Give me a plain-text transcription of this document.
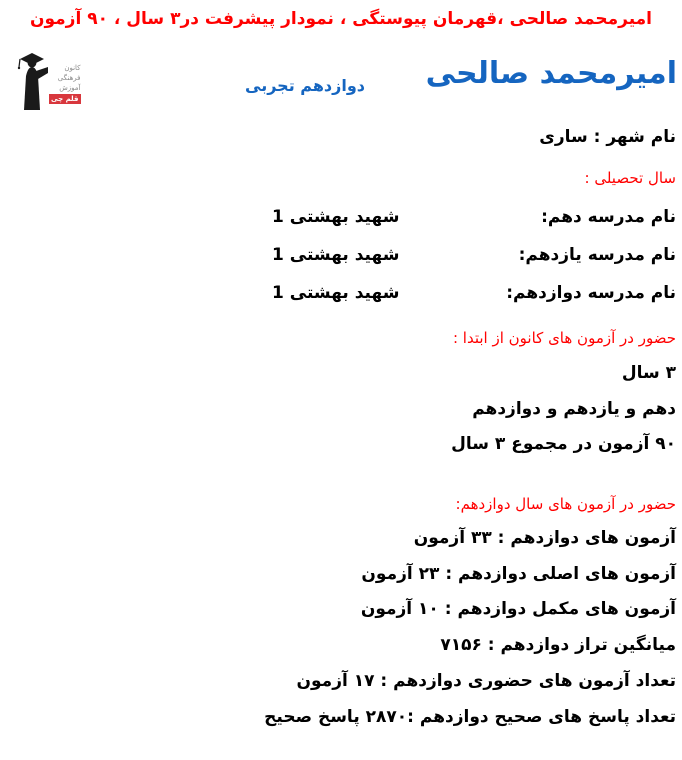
امیرمحمد صالحی ،قهرمان پیوستگی ، نمودار پیشرفت در۳ سال ، ۹۰ آزمون
کانون
فرهنگی
آموزش
قلم چی
امیرمحمد صالحی
دوازدهم تجربی
نام شهر : ساری
سال تحصیلی :
نام مدرسه دهم:
شهید بهشتی 1
نام مدرسه یازدهم:
شهید بهشتی 1
نام مدرسه دوازدهم:
شهید بهشتی 1
حضور در آزمون های کانون از ابتدا :
۳ سال
دهم و یازدهم و دوازدهم
۹۰ آزمون در مجموع ۳ سال
حضور در آزمون های سال دوازدهم:
آزمون های دوازدهم : ۳۳ آزمون
آزمون های اصلی دوازدهم : ۲۳ آزمون
آزمون های مکمل دوازدهم : ۱۰ آزمون
میانگین تراز دوازدهم : ۷۱۵۶
تعداد آزمون های حضوری دوازدهم : ۱۷ آزمون
تعداد پاسخ های صحیح دوازدهم :۲۸۷۰ پاسخ صحیح
